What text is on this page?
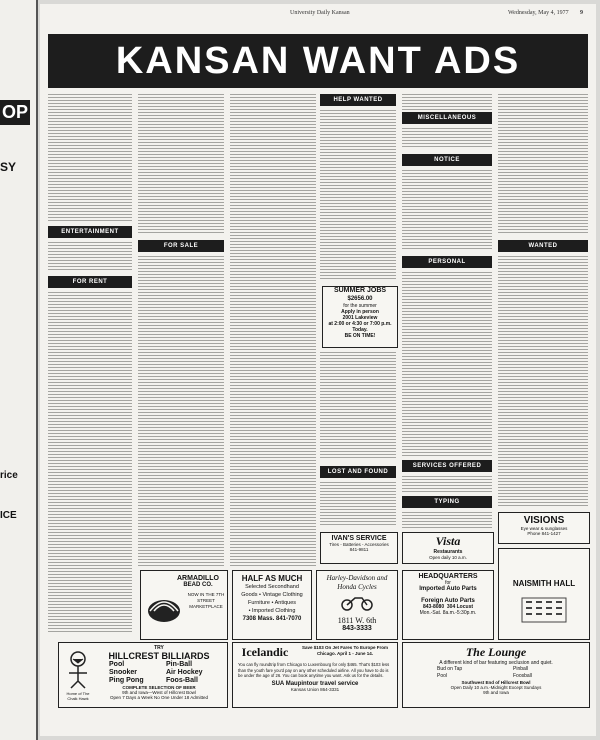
OP
SY
rice
ICE
University Daily Kansan	Wednesday, May 4, 1977 9
KANSAN WANT ADS
ENTERTAINMENT
FOR RENT
FOR SALE
HELP WANTED
SUMMER JOBS
$2656.00
for the summer
Apply in person
2001 Lakeview
at 2:00 or 4:30 or 7:00 p.m.
Today.
BE ON TIME!
LOST AND FOUND
IVAN'S SERVICE
Tires - Batteries - Accessories
841-9811
MISCELLANEOUS
NOTICE
PERSONAL
SERVICES OFFERED
TYPING
Vista
Restaurants
Open daily 10 a.m.
WANTED
VISIONS
Eye wear & sunglasses
Phone 841-1427
ARMADILLO
BEAD CO.
NOW IN THE 7TH STREET MARKETPLACE
HALF AS MUCH
Selected Secondhand
Goods • Vintage Clothing
Furniture • Antiques
• Imported Clothing
7308 Mass. 841-7070
Harley-Davidson and Honda Cycles
1811 W. 6th
843-3333
HEADQUARTERS
for
Imported Auto Parts
Foreign Auto Parts
843-8080 304 Locust
Mon.-Sat. 8a.m.-5:30p.m.
NAISMITH HALL
Home of The Chalk Hawk
TRY
HILLCREST BILLIARDS
Pool	Pin-Ball
Snooker	Air Hockey
Ping Pong	Foos-Ball
COMPLETE SELECTION OF BEER
9th and Iowa—West of Hillcrest Bowl
Open 7 Days a Week No One Under 18 Admitted
Icelandic	Save $103 On Jet Fares To Europe From Chicago. April 1 - June 14.
You can fly roundtrip from Chicago to Luxembourg for only $465. That's $103 less than the youth fare you'd pay on any other scheduled airline. All you have to do is be under the age of 26. You can book anytime you want. Ask us for the details.
SUA Maupintour travel service
Kansas Union 864-3331
The Lounge
A different kind of bar featuring seclusion and quiet.
Bud on Tap	Pinball
Pool	Foosball
Southwest End of Hillcrest Bowl
Open Daily 10 a.m.-Midnight Except Sundays
9th and Iowa
